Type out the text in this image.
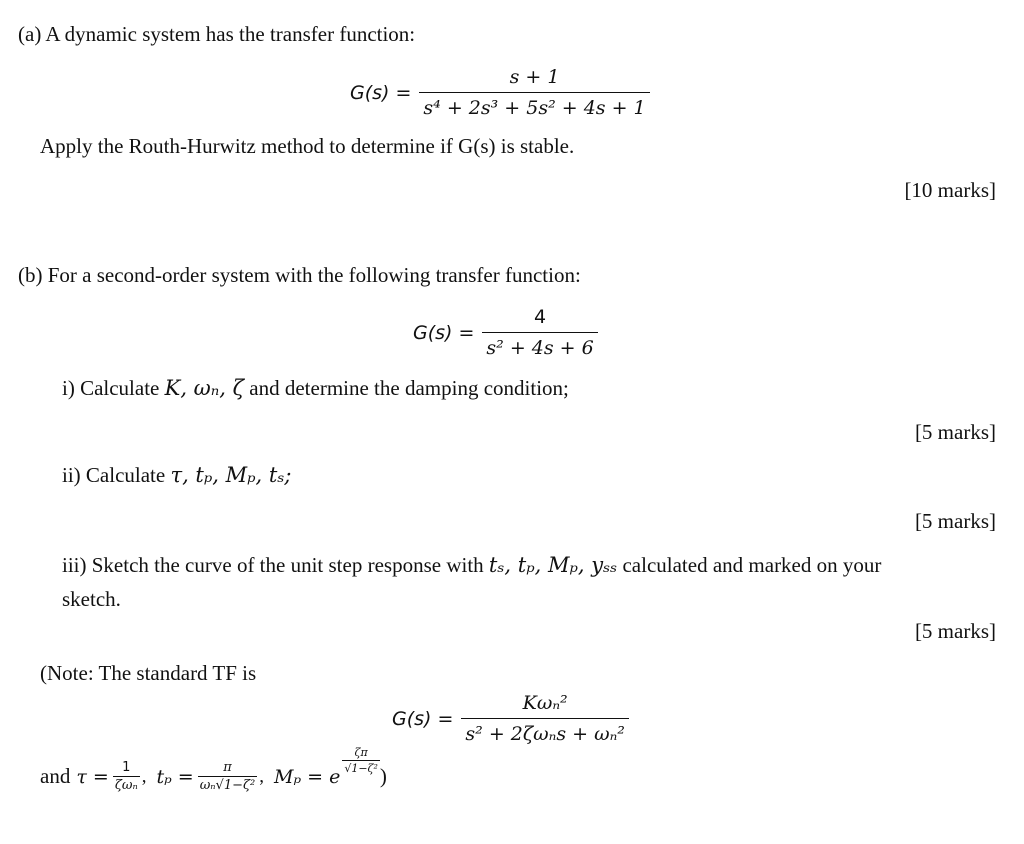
(a) A dynamic system has the transfer function:
$G(s) = \frac{s + 1}{\text{s⁴ + 2s³ + 5s² + 4s + 1}}$
Apply the Routh-Hurwitz method to determine if G(s) is stable.
[10 marks]
(b) For a second-order system with the following transfer function:
$G(s) = \frac{4}{\text{s² + 4s + 6}}$
i) Calculate K, ωₙ, ζ and determine the damping condition;
[5 marks]
ii) Calculate τ, tₚ, Mₚ, tₛ;
[5 marks]
iii) Sketch the curve of the unit step response with tₛ, tₚ, Mₚ, yₛₛ calculated and marked on your
sketch.
[5 marks]
(Note: The standard TF is
$G(s) = \frac{\text{Kωₙ²}}{\text{s² + 2ζωₙs + ωₙ²}}$
and $\tau = \frac{1}{\text{ζωₙ}}$ , $t_p = \frac{\pi}{\text{ωₙ√1−ζ²}}$ , Mₚ = e
$\frac{\zeta\pi}{\text{√1−ζ²}}$
)
